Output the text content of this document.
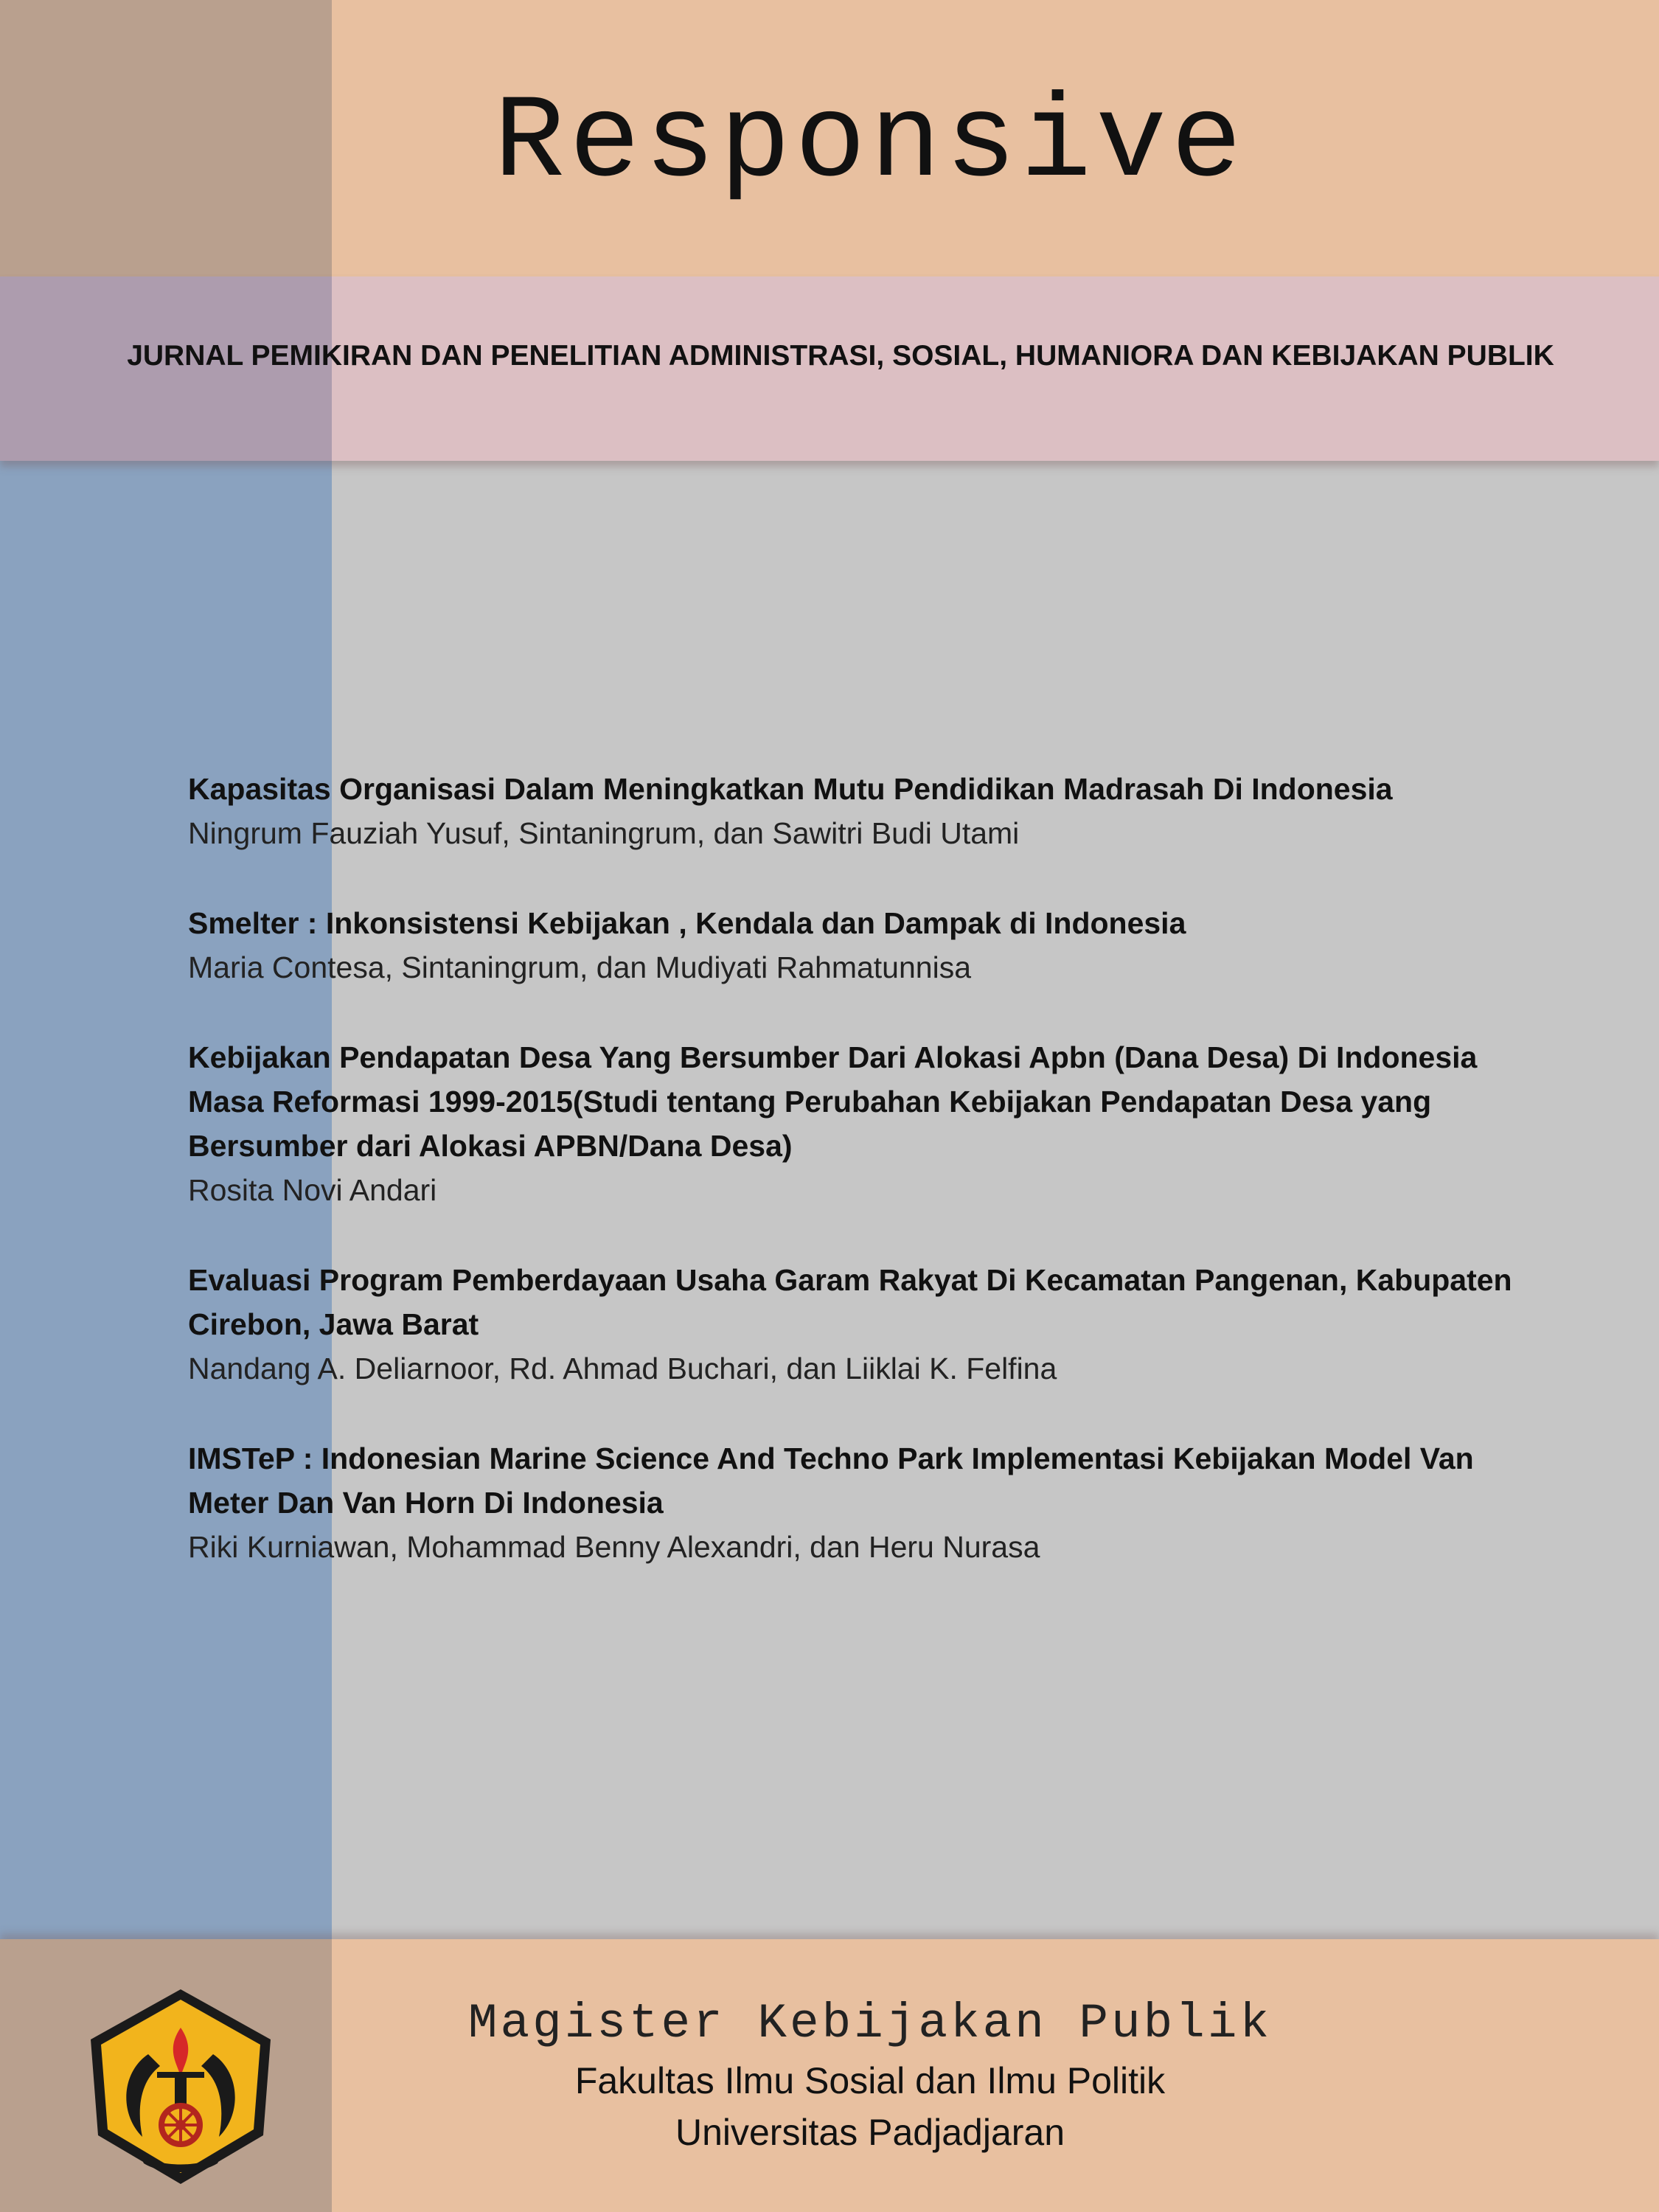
Responsive

JURNAL PEMIKIRAN DAN PENELITIAN ADMINISTRASI, SOSIAL, HUMANIORA DAN KEBIJAKAN PUBLIK

Kapasitas Organisasi Dalam Meningkatkan Mutu Pendidikan Madrasah Di Indonesia
Ningrum Fauziah Yusuf, Sintaningrum, dan Sawitri Budi Utami
Smelter : Inkonsistensi Kebijakan , Kendala dan Dampak di Indonesia
Maria Contesa, Sintaningrum, dan Mudiyati Rahmatunnisa
Kebijakan Pendapatan Desa Yang Bersumber Dari Alokasi Apbn (Dana Desa) Di Indonesia Masa Reformasi 1999-2015(Studi tentang Perubahan Kebijakan Pendapatan Desa yang Bersumber dari Alokasi APBN/Dana Desa)
Rosita Novi Andari
Evaluasi Program Pemberdayaan Usaha Garam Rakyat Di Kecamatan Pangenan, Kabupaten Cirebon, Jawa Barat
Nandang A. Deliarnoor, Rd. Ahmad Buchari, dan Liiklai K. Felfina
IMSTeP : Indonesian Marine Science And Techno Park Implementasi Kebijakan Model Van Meter Dan Van Horn Di Indonesia
Riki Kurniawan, Mohammad Benny Alexandri, dan Heru Nurasa
Magister Kebijakan Publik
Fakultas Ilmu Sosial dan Ilmu Politik
Universitas Padjadjaran
